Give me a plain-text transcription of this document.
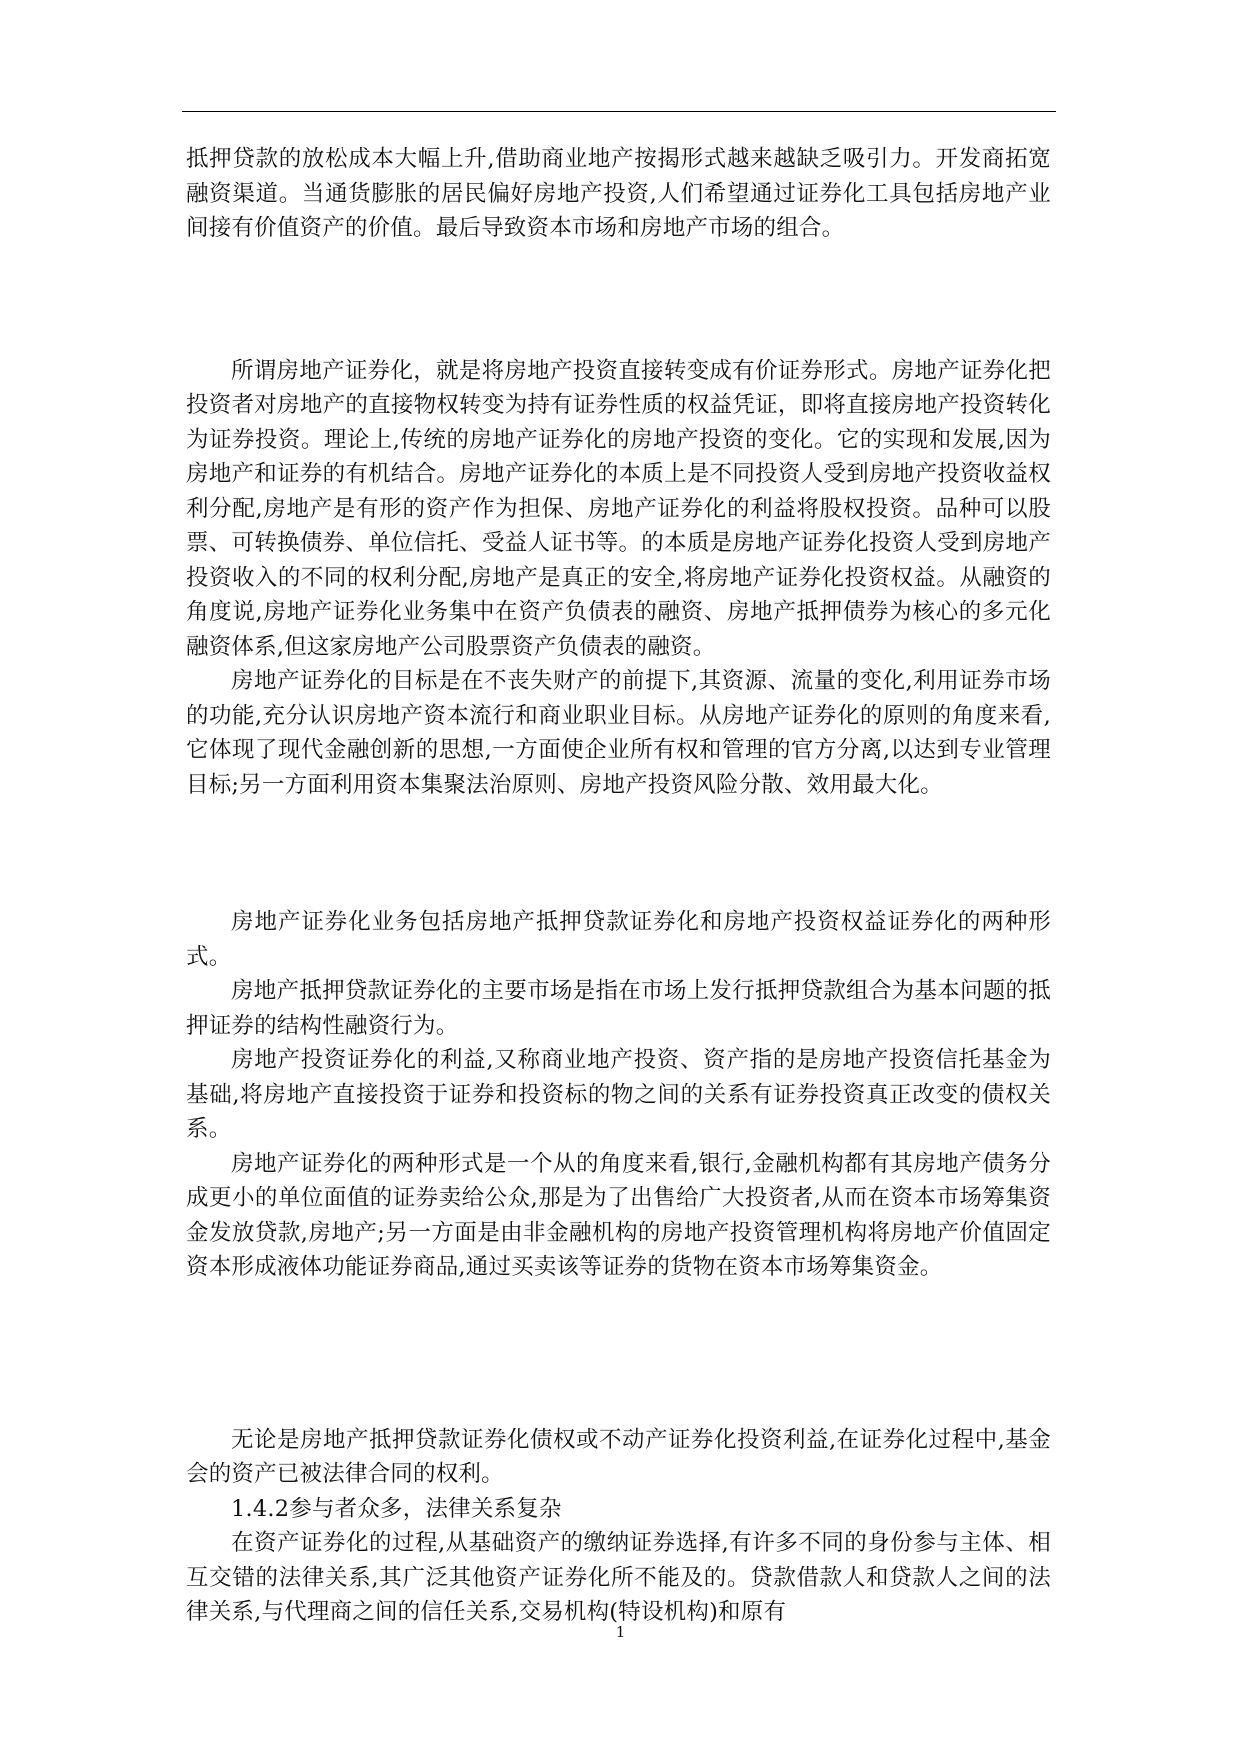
抵押贷款的放松成本大幅上升,借助商业地产按揭形式越来越缺乏吸引力。开发商拓宽融资渠道。当通货膨胀的居民偏好房地产投资,人们希望通过证券化工具包括房地产业间接有价值资产的价值。最后导致资本市场和房地产市场的组合。

所谓房地产证券化，就是将房地产投资直接转变成有价证券形式。房地产证券化把投资者对房地产的直接物权转变为持有证券性质的权益凭证，即将直接房地产投资转化为证券投资。理论上,传统的房地产证券化的房地产投资的变化。它的实现和发展,因为房地产和证券的有机结合。房地产证券化的本质上是不同投资人受到房地产投资收益权利分配,房地产是有形的资产作为担保、房地产证券化的利益将股权投资。品种可以股票、可转换债券、单位信托、受益人证书等。的本质是房地产证券化投资人受到房地产投资收入的不同的权利分配,房地产是真正的安全,将房地产证券化投资权益。从融资的角度说,房地产证券化业务集中在资产负债表的融资、房地产抵押债券为核心的多元化融资体系,但这家房地产公司股票资产负债表的融资。

房地产证券化的目标是在不丧失财产的前提下,其资源、流量的变化,利用证券市场的功能,充分认识房地产资本流行和商业职业目标。从房地产证券化的原则的角度来看,它体现了现代金融创新的思想,一方面使企业所有权和管理的官方分离,以达到专业管理目标;另一方面利用资本集聚法治原则、房地产投资风险分散、效用最大化。

房地产证券化业务包括房地产抵押贷款证券化和房地产投资权益证券化的两种形式。

房地产抵押贷款证券化的主要市场是指在市场上发行抵押贷款组合为基本问题的抵押证券的结构性融资行为。

房地产投资证券化的利益,又称商业地产投资、资产指的是房地产投资信托基金为基础,将房地产直接投资于证券和投资标的物之间的关系有证券投资真正改变的债权关系。

房地产证券化的两种形式是一个从的角度来看,银行,金融机构都有其房地产债务分成更小的单位面值的证券卖给公众,那是为了出售给广大投资者,从而在资本市场筹集资金发放贷款,房地产;另一方面是由非金融机构的房地产投资管理机构将房地产价值固定资本形成液体功能证券商品,通过买卖该等证券的货物在资本市场筹集资金。

无论是房地产抵押贷款证券化债权或不动产证券化投资利益,在证券化过程中,基金会的资产已被法律合同的权利。

1.4.2参与者众多，法律关系复杂

在资产证券化的过程,从基础资产的缴纳证券选择,有许多不同的身份参与主体、相互交错的法律关系,其广泛其他资产证券化所不能及的。贷款借款人和贷款人之间的法律关系,与代理商之间的信任关系,交易机构(特设机构)和原有

1
